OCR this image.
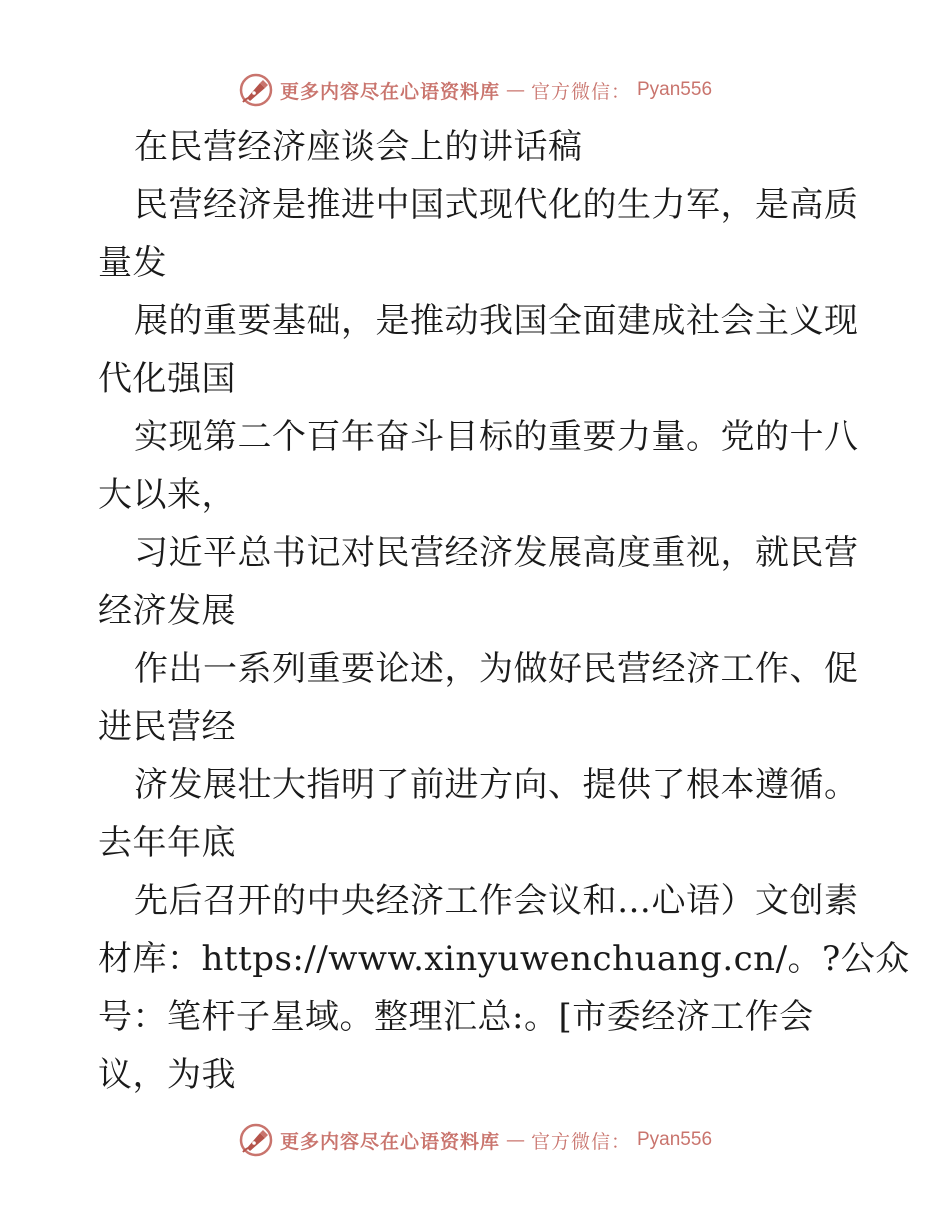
更多内容尽在心语资料库 — 官方微信： Pyan556
在民营经济座谈会上的讲话稿
民营经济是推进中国式现代化的生力军，是高质
量发
展的重要基础，是推动我国全面建成社会主义现
代化强国
实现第二个百年奋斗目标的重要力量。党的十八
大以来，
习近平总书记对民营经济发展高度重视，就民营
经济发展
作出一系列重要论述，为做好民营经济工作、促
进民营经
济发展壮大指明了前进方向、提供了根本遵循。
去年年底
先后召开的中央经济工作会议和…心语）文创素
材库：https://www.xinyuwenchuang.cn/。?公众
号：笔杆子星域。整理汇总:。[市委经济工作会
议，为我
更多内容尽在心语资料库 — 官方微信： Pyan556
